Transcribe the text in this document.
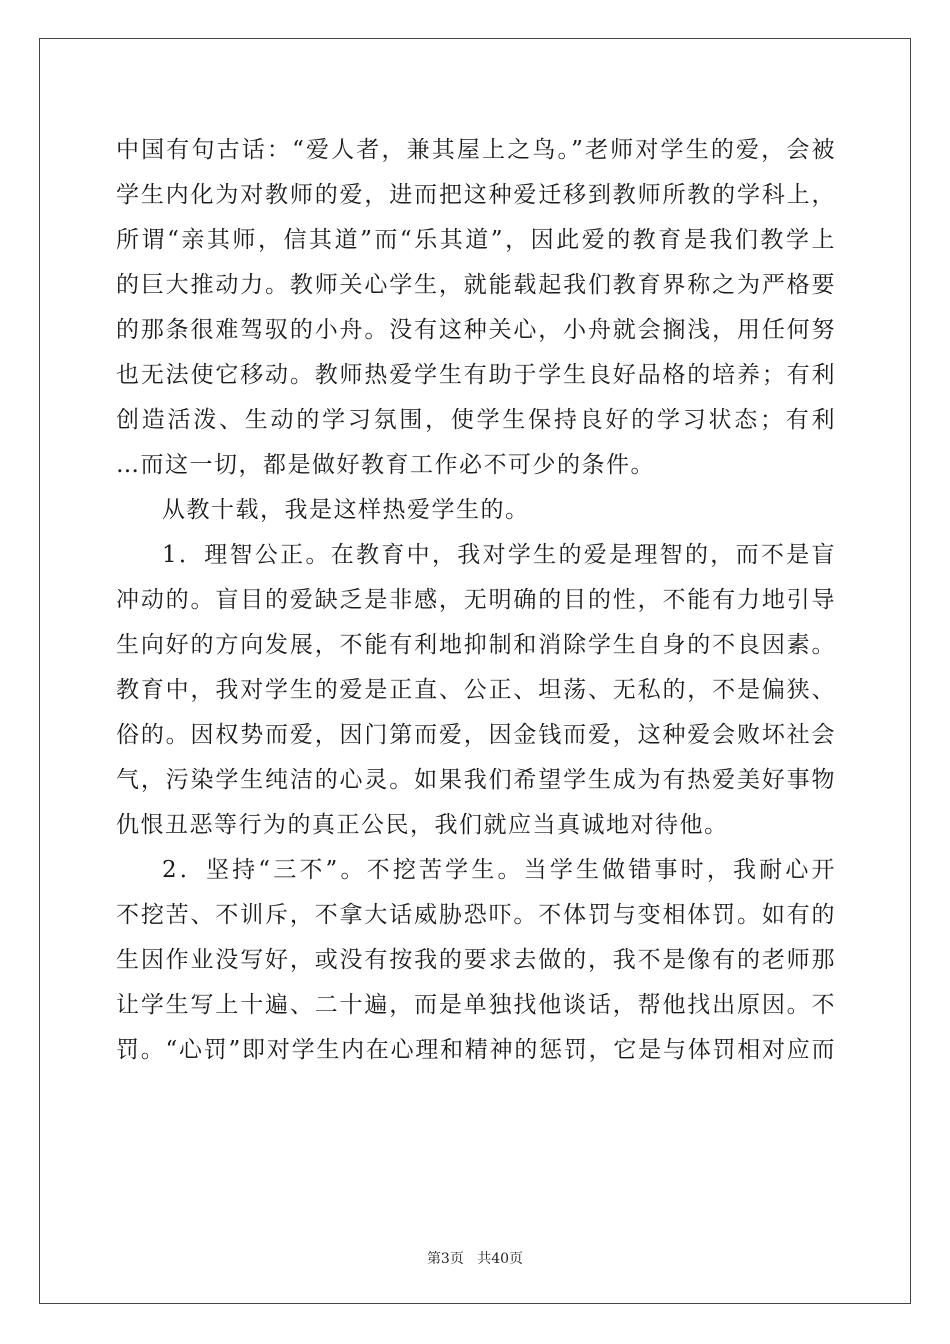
中国有句古话：“爱人者，兼其屋上之鸟。”老师对学生的爱，会被
学生内化为对教师的爱，进而把这种爱迁移到教师所教的学科上，
所谓“亲其师，信其道”而“乐其道”，因此爱的教育是我们教学上
的巨大推动力。教师关心学生，就能载起我们教育界称之为严格要
的那条很难驾驭的小舟。没有这种关心，小舟就会搁浅，用任何努
也无法使它移动。教师热爱学生有助于学生良好品格的培养；有利
创造活泼、生动的学习氛围，使学生保持良好的学习状态；有利
…而这一切，都是做好教育工作必不可少的条件。
从教十载，我是这样热爱学生的。
1．理智公正。在教育中，我对学生的爱是理智的，而不是盲
冲动的。盲目的爱缺乏是非感，无明确的目的性，不能有力地引导
生向好的方向发展，不能有利地抑制和消除学生自身的不良因素。
教育中，我对学生的爱是正直、公正、坦荡、无私的，不是偏狭、
俗的。因权势而爱，因门第而爱，因金钱而爱，这种爱会败坏社会
气，污染学生纯洁的心灵。如果我们希望学生成为有热爱美好事物
仇恨丑恶等行为的真正公民，我们就应当真诚地对待他。
2．坚持“三不”。不挖苦学生。当学生做错事时，我耐心开
不挖苦、不训斥，不拿大话威胁恐吓。不体罚与变相体罚。如有的
生因作业没写好，或没有按我的要求去做的，我不是像有的老师那
让学生写上十遍、二十遍，而是单独找他谈话，帮他找出原因。不
罚。“心罚”即对学生内在心理和精神的惩罚，它是与体罚相对应而
第3页 共40页
